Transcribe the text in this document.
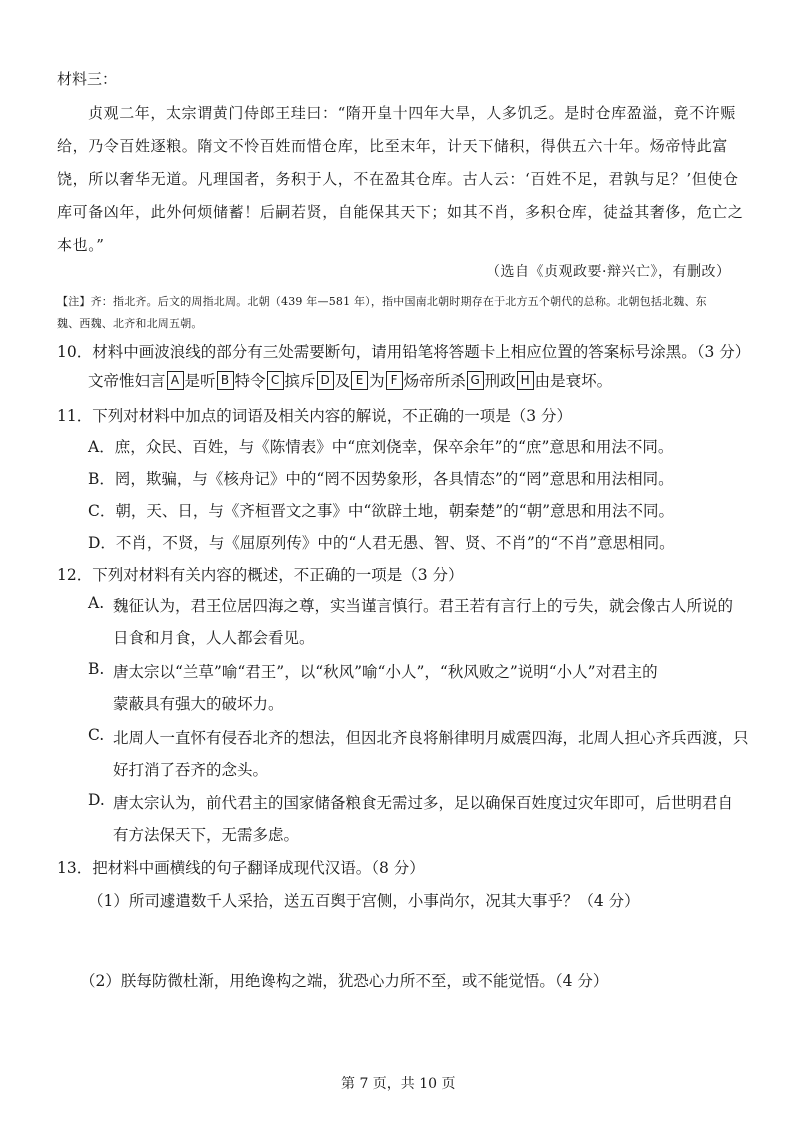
材料三：
贞观二年，太宗谓黄门侍郎王珪曰：“隋开皇十四年大旱，人多饥乏。是时仓库盈溢，竟不许赈
给，乃令百姓逐粮。隋文不怜百姓而惜仓库，比至末年，计天下储积，得供五六十年。炀帝恃此富
饶，所以奢华无道。凡理国者，务积于人，不在盈其仓库。古人云：‘百姓不足，君孰与足？’但使仓
库可备凶年，此外何烦储蓄！后嗣若贤，自能保其天下；如其不肖，多积仓库，徒益其奢侈，危亡之
本也。”
（选自《贞观政要·辩兴亡》，有删改）
【注】齐：指北齐。后文的周指北周。北朝（439 年—581 年），指中国南北朝时期存在于北方五个朝代的总称。北朝包括北魏、东
魏、西魏、北齐和北周五朝。
10．材料中画波浪线的部分有三处需要断句，请用铅笔将答题卡上相应位置的答案标号涂黑。（3 分）
文帝惟妇言 A 是听 B 特令 C 摈斥 D 及 E 为 F 炀帝所杀 G 刑政 H 由是衰坏。
11．下列对材料中加点的词语及相关内容的解说，不正确的一项是（3 分）
A．庶，众民、百姓，与《陈情表》中“庶刘侥幸，保卒余年”的“庶”意思和用法不同。
B．罔，欺骗，与《核舟记》中的“罔不因势象形，各具情态”的“罔”意思和用法相同。
C．朝，天、日，与《齐桓晋文之事》中“欲辟土地，朝秦楚”的“朝”意思和用法不同。
D．不肖，不贤，与《屈原列传》中的“人君无愚、智、贤、不肖”的“不肖”意思相同。
12．下列对材料有关内容的概述，不正确的一项是（3 分）
A. 魏征认为，君王位居四海之尊，实当谨言慎行。君王若有言行上的亏失，就会像古人所说的
日食和月食，人人都会看见。
B. 唐太宗以“兰草”喻“君王”，以“秋风”喻“小人”，“秋风败之”说明“小人”对君主的
蒙蔽具有强大的破坏力。
C. 北周人一直怀有侵吞北齐的想法，但因北齐良将斛律明月威震四海，北周人担心齐兵西渡，只
好打消了吞齐的念头。
D. 唐太宗认为，前代君主的国家储备粮食无需过多，足以确保百姓度过灾年即可，后世明君自
有方法保天下，无需多虑。
13．把材料中画横线的句子翻译成现代汉语。（8 分）
（1）所司遽遣数千人采拾，送五百舆于宫侧，小事尚尔，况其大事乎？（4 分）
（2）朕每防微杜渐，用绝谗构之端，犹恐心力所不至，或不能觉悟。（4 分）
第 7 页，共 10 页
